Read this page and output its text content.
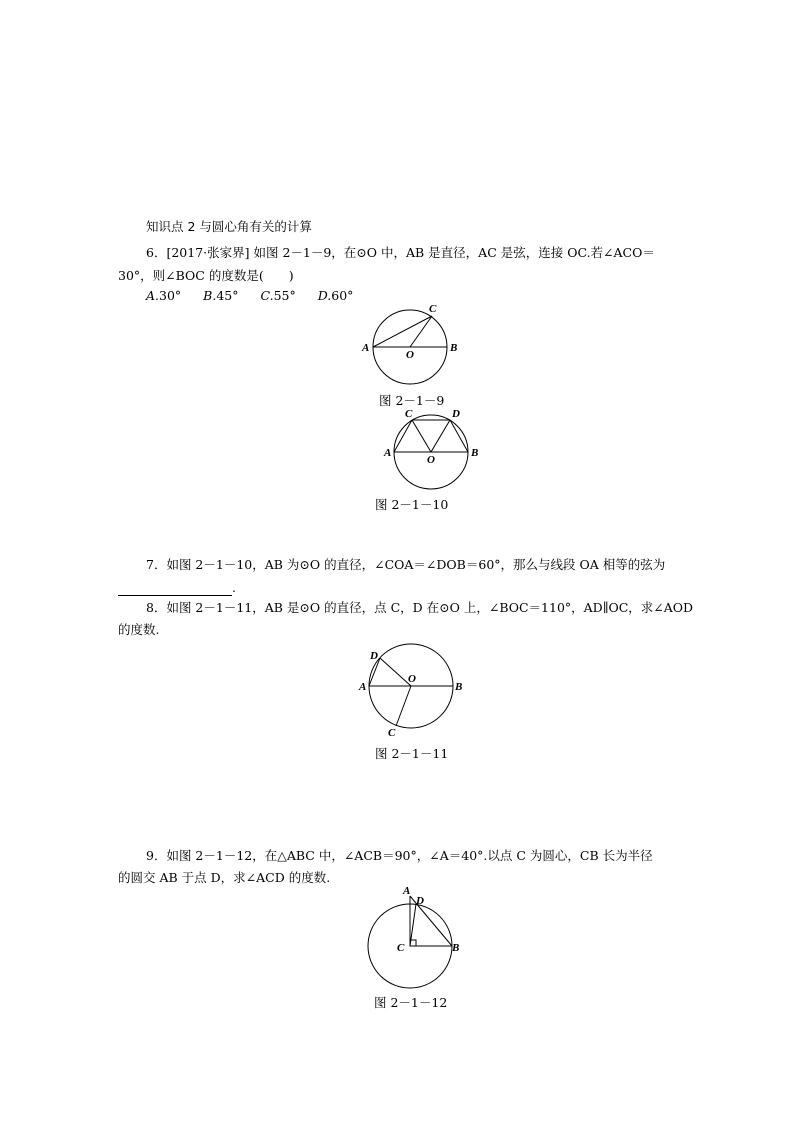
知识点 2 与圆心角有关的计算
6．[2017·张家界] 如图 2－1－9，在⊙O 中，AB 是直径，AC 是弦，连接 OC.若∠ACO＝
30°，则∠BOC 的度数是(　　)
A.30° B.45° C.55° D.60°
A	B
C
O
图 2－1－9
A	B
C	D
O
图 2－1－10
7．如图 2－1－10，AB 为⊙O 的直径，∠COA＝∠DOB＝60°，那么与线段 OA 相等的弦为
.
8．如图 2－1－11，AB 是⊙O 的直径，点 C，D 在⊙O 上，∠BOC＝110°，AD∥OC，求∠AOD
的度数.
A	B
D
O
C
图 2－1－11
9．如图 2－1－12，在△ABC 中，∠ACB＝90°，∠A＝40°.以点 C 为圆心，CB 长为半径
的圆交 AB 于点 D，求∠ACD 的度数.
A
D
C	B
图 2－1－12
